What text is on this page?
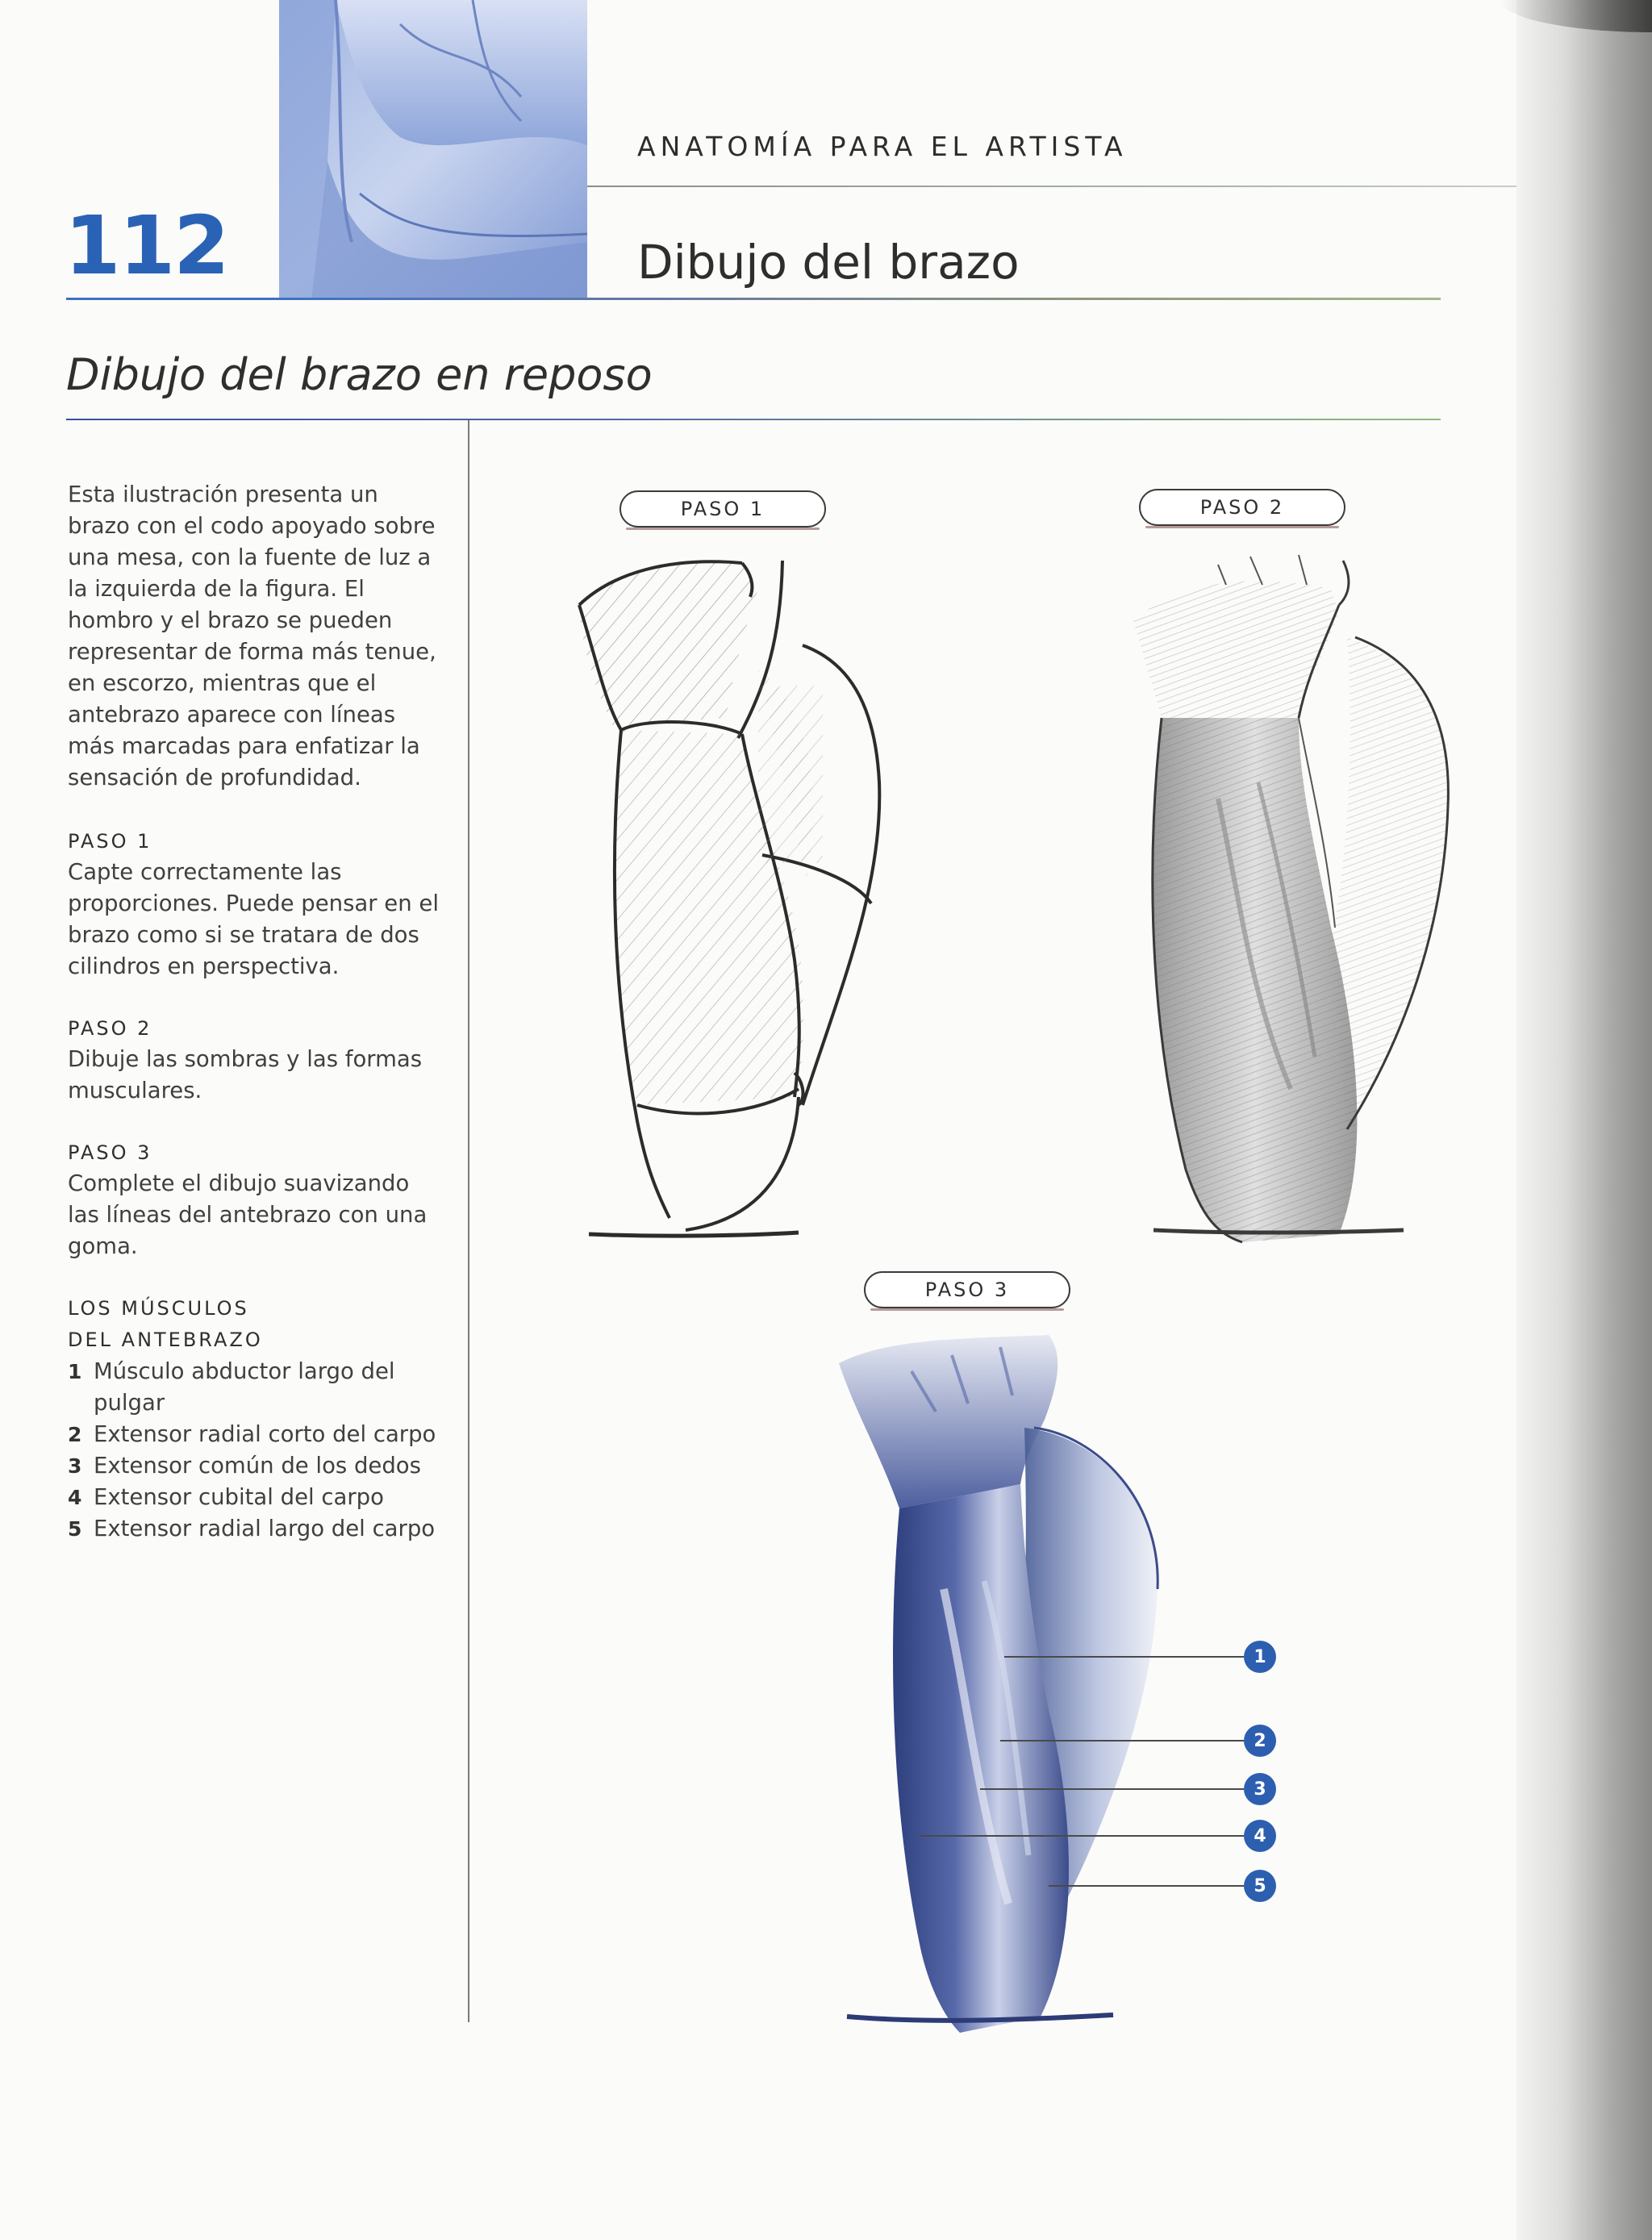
112
ANATOMÍA PARA EL ARTISTA
Dibujo del brazo
Dibujo del brazo en reposo

Esta ilustración presenta un brazo con el codo apoyado sobre una mesa, con la fuente de luz a la izquierda de la figura. El hombro y el brazo se pueden representar de forma más tenue, en escorzo, mientras que el antebrazo aparece con líneas más marcadas para enfatizar la sensación de profundidad.

PASO 1

Capte correctamente las proporciones. Puede pensar en el brazo como si se tratara de dos cilindros en perspectiva.

PASO 2

Dibuje las sombras y las formas musculares.

PASO 3

Complete el dibujo suavizando las líneas del antebrazo con una goma.

LOS MÚSCULOS

DEL ANTEBRAZO

1 Músculo abductor largo del pulgar
2 Extensor radial corto del carpo
3 Extensor común de los dedos
4 Extensor cubital del carpo
5 Extensor radial largo del carpo
PASO 1	PASO 2
PASO 3
1
2
3
4
5
